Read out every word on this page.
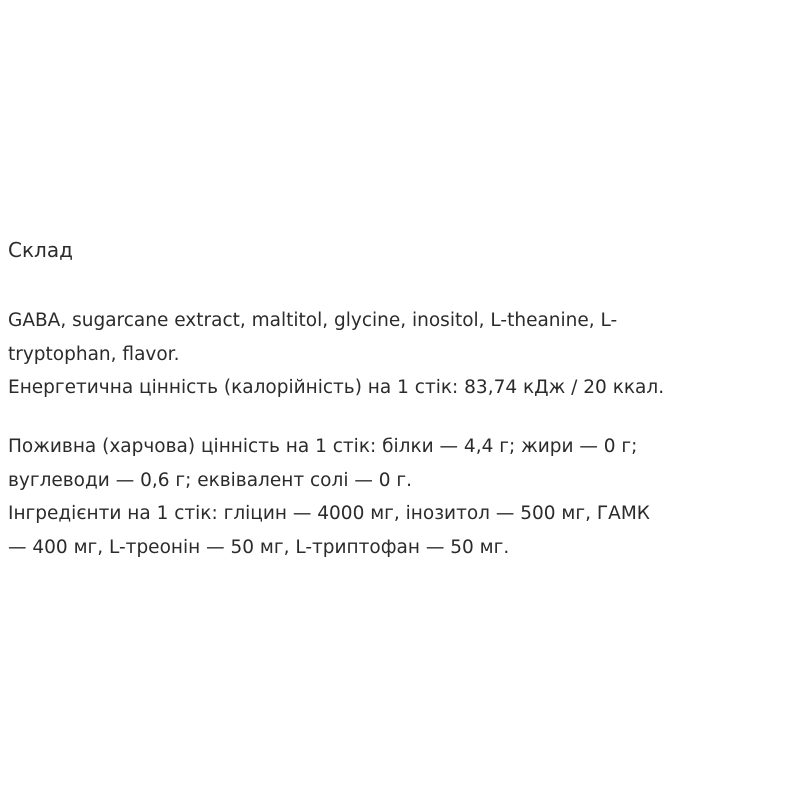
Склад

GABA, sugarcane extract, maltitol, glycine, inositol, L-theanine, L-
tryptophan, flavor.
Енергетична цінність (калорійність) на 1 стік: 83,74 кДж / 20 ккал.

Поживна (харчова) цінність на 1 стік: білки — 4,4 г; жири — 0 г;
вуглеводи — 0,6 г; еквівалент солі — 0 г.
Інгредієнти на 1 стік: гліцин — 4000 мг, інозитол — 500 мг, ГАМК
— 400 мг, L-треонін — 50 мг, L-триптофан — 50 мг.
